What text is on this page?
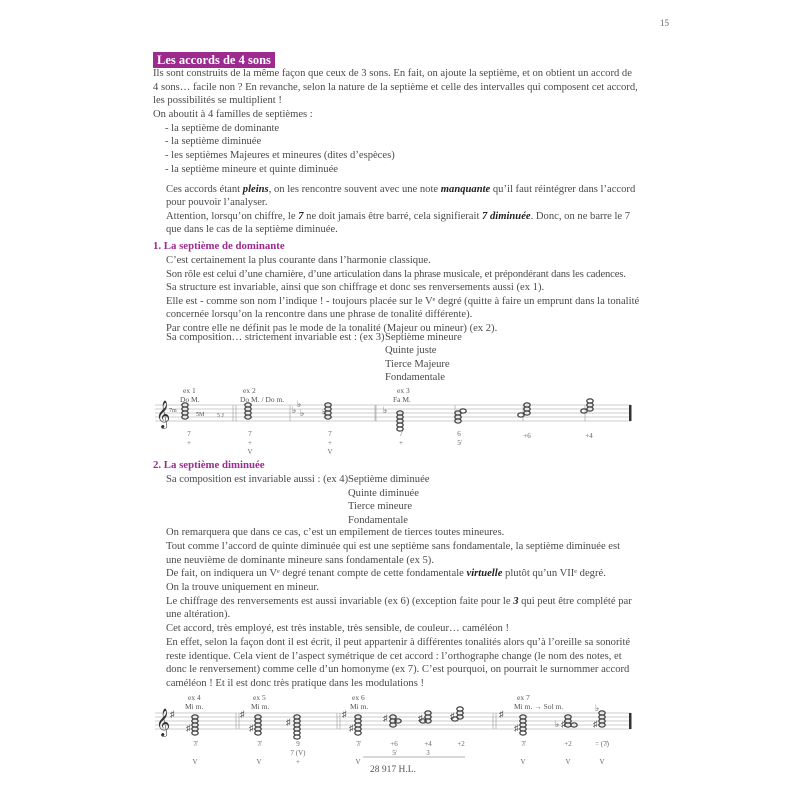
15
Les accords de 4 sons
Ils sont construits de la même façon que ceux de 3 sons. En fait, on ajoute la septième, et on obtient un accord de
4 sons… facile non ? En revanche, selon la nature de la septième et celle des intervalles qui composent cet accord,
les possibilités se multiplient !
On aboutit à 4 familles de septièmes :
- la septième de dominante
- la septième diminuée
- les septièmes Majeures et mineures (dites d’espèces)
- la septième mineure et quinte diminuée
Ces accords étant pleins, on les rencontre souvent avec une note manquante qu’il faut réintégrer dans l’accord
pour pouvoir l’analyser.
Attention, lorsqu’on chiffre, le 7 ne doit jamais être barré, cela signifierait 7 diminuée. Donc, on ne barre le 7
que dans le cas de la septième diminuée.
1. La septième de dominante
C’est certainement la plus courante dans l’harmonie classique.
Son rôle est celui d’une charnière, d’une articulation dans la phrase musicale, et prépondérant dans les cadences.
Sa structure est invariable, ainsi que son chiffrage et donc ses renversements aussi (ex 1).
Elle est - comme son nom l’indique ! - toujours placée sur le Vᵉ degré (quitte à faire un emprunt dans la tonalité
concernée lorsqu’on la rencontre dans une phrase de tonalité différente).
Par contre elle ne définit pas le mode de la tonalité (Majeur ou mineur) (ex 2).
Sa composition… strictement invariable est : (ex 3) Septième mineure
Quinte juste
Tierce Majeure
Fondamentale
𝄞	♭
♭
♭ ♮	♭
𝄞 ♯	♯	♯	♯
♯	♯
♯
♯
♯	♯	♯
♯	♭ ♯	♯
♭
ex 1
Do M.
ex 2
Do M. / Do m.
ex 3
Fa M.
7m
5M 5 J
7
+
7
+
V
7
+
V
7
+
6
5̸
+6	+4
2. La septième diminuée
Sa composition est invariable aussi : (ex 4) Septième diminuée
Quinte diminuée
Tierce mineure
Fondamentale
On remarquera que dans ce cas, c’est un empilement de tierces toutes mineures.
Tout comme l’accord de quinte diminuée qui est une septième sans fondamentale, la septième diminuée est
une neuvième de dominante mineure sans fondamentale (ex 5).
De fait, on indiquera un Vᵉ degré tenant compte de cette fondamentale virtuelle plutôt qu’un VIIᵉ degré.
On la trouve uniquement en mineur.
Le chiffrage des renversements est aussi invariable (ex 6) (exception faite pour le 3 qui peut être complété par
une altération).
Cet accord, très employé, est très instable, très sensible, de couleur… caméléon !
En effet, selon la façon dont il est écrit, il peut appartenir à différentes tonalités alors qu’à l’oreille sa sonorité
reste identique. Cela vient de l’aspect symétrique de cet accord : l’orthographe change (le nom des notes, et
donc le renversement) comme celle d’un homonyme (ex 7). C’est pourquoi, on pourrait le surnommer accord
caméléon ! Et il est donc très pratique dans les modulations !
ex 4
Mi m.
ex 5
Mi m.
ex 6
Mi m.
ex 7
Mi m. → Sol m.
7̸

V
7̸

V
9
7 (V)
+
7̸

V
+6
5̸
+4
3
+2	7̸

V
+2

V
= (7̸)

V
28 917 H.L.
